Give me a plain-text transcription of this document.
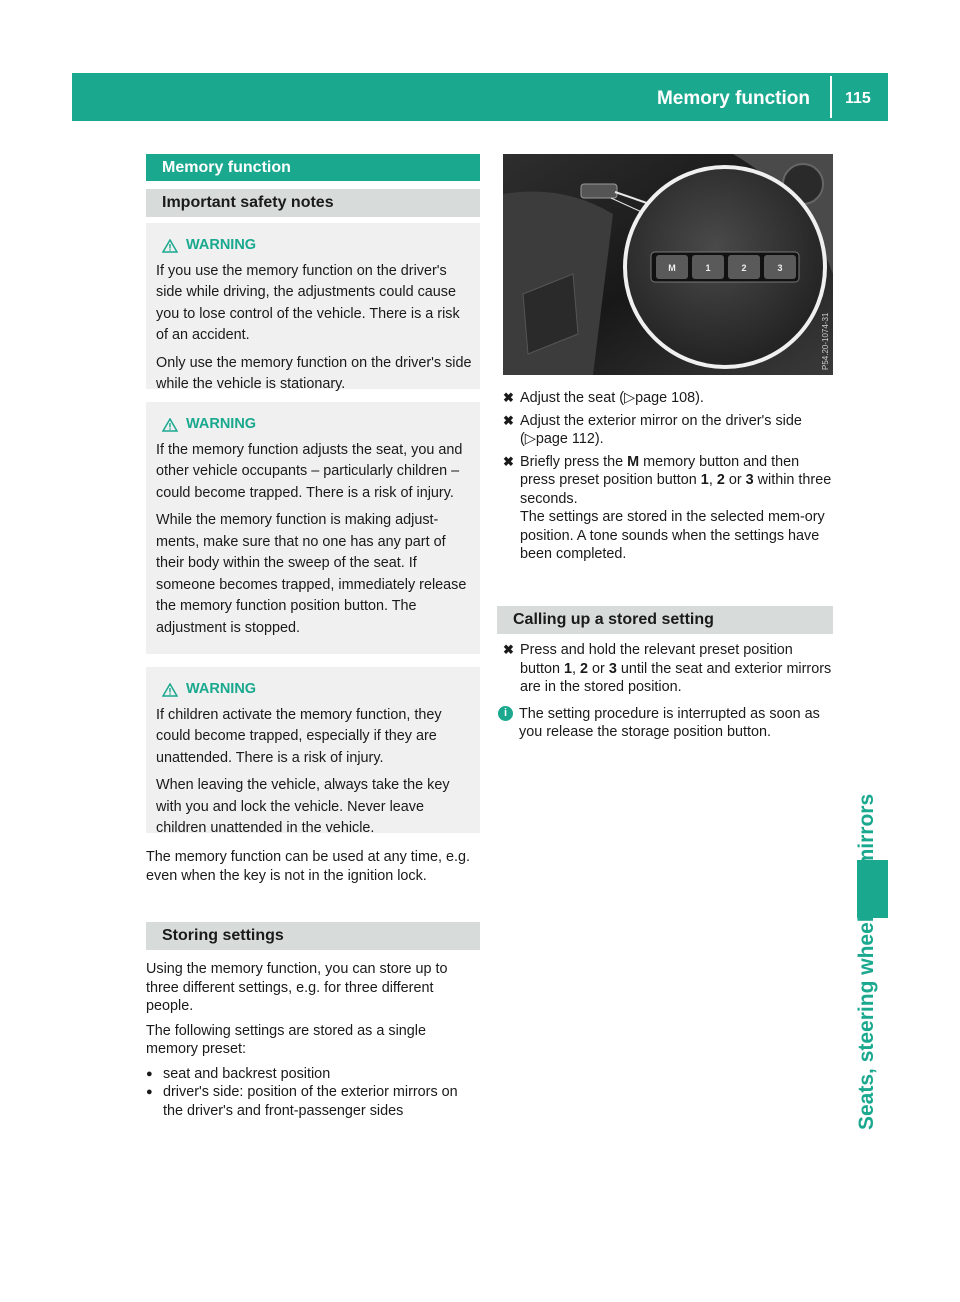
Memory function 115
Seats, steering wheel and mirrors
Memory function
Important safety notes
WARNING

If you use the memory function on the driver's side while driving, the adjustments could cause you to lose control of the vehicle. There is a risk of an accident.

Only use the memory function on the driver's side while the vehicle is stationary.

WARNING

If the memory function adjusts the seat, you and other vehicle occupants – particularly children – could become trapped. There is a risk of injury.

While the memory function is making adjust-ments, make sure that no one has any part of their body within the sweep of the seat. If someone becomes trapped, immediately release the memory function position button. The adjustment is stopped.

WARNING

If children activate the memory function, they could become trapped, especially if they are unattended. There is a risk of injury.

When leaving the vehicle, always take the key with you and lock the vehicle. Never leave children unattended in the vehicle.

The memory function can be used at any time, e.g. even when the key is not in the ignition lock.
Storing settings

Using the memory function, you can store up to three different settings, e.g. for three different people.

The following settings are stored as a single memory preset:

● seat and backrest position
● driver's side: position of the exterior mirrors on the driver's and front-passenger sides
M	1	2	3
P54.20-1074-31
✖ Adjust the seat (▷page 108).
✖ Adjust the exterior mirror on the driver's side (▷page 112).
✖ Briefly press the M memory button and then press preset position button 1, 2 or 3 within three seconds.
The settings are stored in the selected mem-ory position. A tone sounds when the settings have been completed.
Calling up a stored setting
✖ Press and hold the relevant preset position button 1, 2 or 3 until the seat and exterior mirrors are in the stored position.
i The setting procedure is interrupted as soon as you release the storage position button.
